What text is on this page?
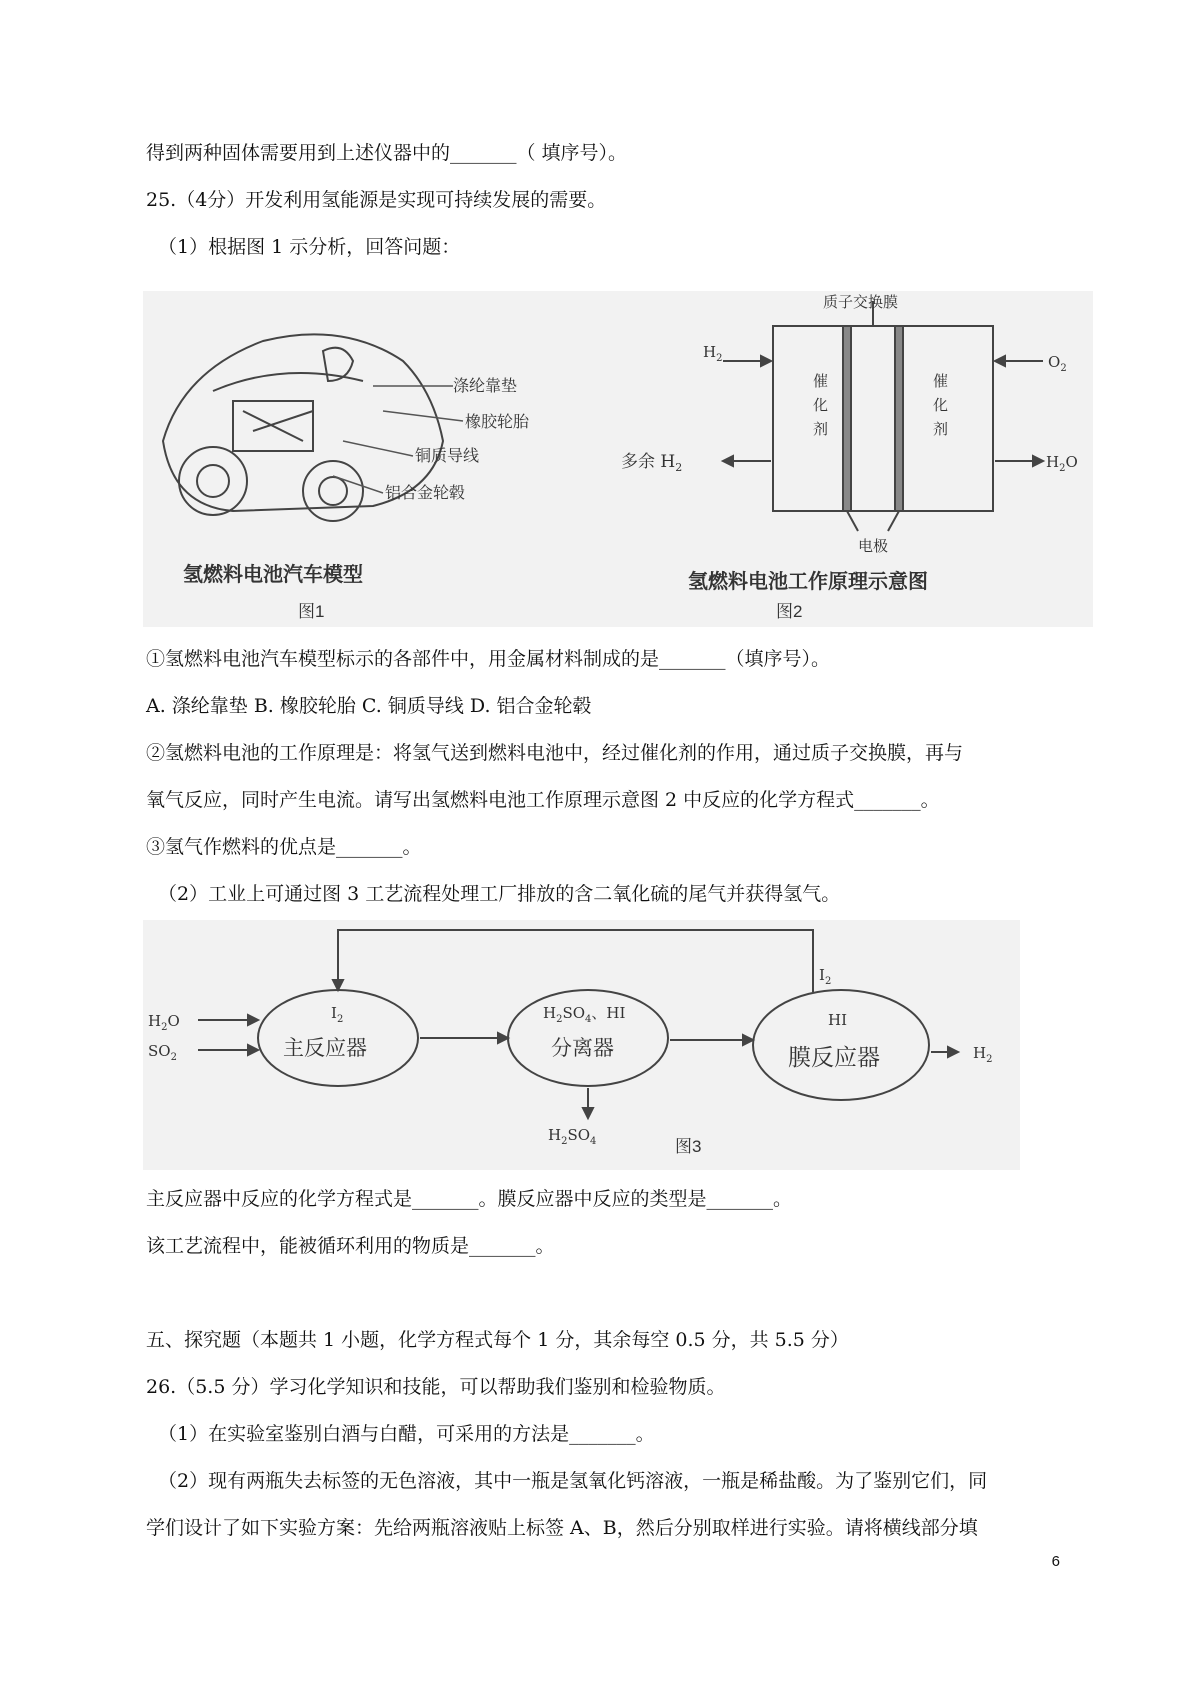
得到两种固体需要用到上述仪器中的_______（ 填序号）。
25.（4分）开发利用氢能源是实现可持续发展的需要。
（1）根据图 1 示分析，回答问题：
涤纶靠垫
橡胶轮胎
铜质导线
铝合金轮毂
氢燃料电池汽车模型
图1
质子交换膜
$H_2$	$O_2$
多余 $H_2$	$H_2O$
催 化 剂
催 化 剂
电极
氢燃料电池工作原理示意图
图2
①氢燃料电池汽车模型标示的各部件中，用金属材料制成的是_______（填序号）。
A. 涤纶靠垫 B. 橡胶轮胎 C. 铜质导线 D. 铝合金轮毂
②氢燃料电池的工作原理是：将氢气送到燃料电池中，经过催化剂的作用，通过质子交换膜，再与
氧气反应，同时产生电流。请写出氢燃料电池工作原理示意图 2 中反应的化学方程式_______。
③氢气作燃料的优点是_______。
（2）工业上可通过图 3 工艺流程处理工厂排放的含二氧化硫的尾气并获得氢气。
$H_2O$
$SO_2$
$I_2$
主反应器
$H_2SO_4$、HI
分离器
HI
膜反应器
$I_2$
$H_2$
$H_2SO_4$	图3
主反应器中反应的化学方程式是_______。膜反应器中反应的类型是_______。
该工艺流程中，能被循环利用的物质是_______。
五、探究题（本题共 1 小题，化学方程式每个 1 分，其余每空 0.5 分，共 5.5 分）
26.（5.5 分）学习化学知识和技能，可以帮助我们鉴别和检验物质。
（1）在实验室鉴别白酒与白醋，可采用的方法是_______。
（2）现有两瓶失去标签的无色溶液，其中一瓶是氢氧化钙溶液，一瓶是稀盐酸。为了鉴别它们，同
学们设计了如下实验方案：先给两瓶溶液贴上标签 A、B，然后分别取样进行实验。请将横线部分填
6
